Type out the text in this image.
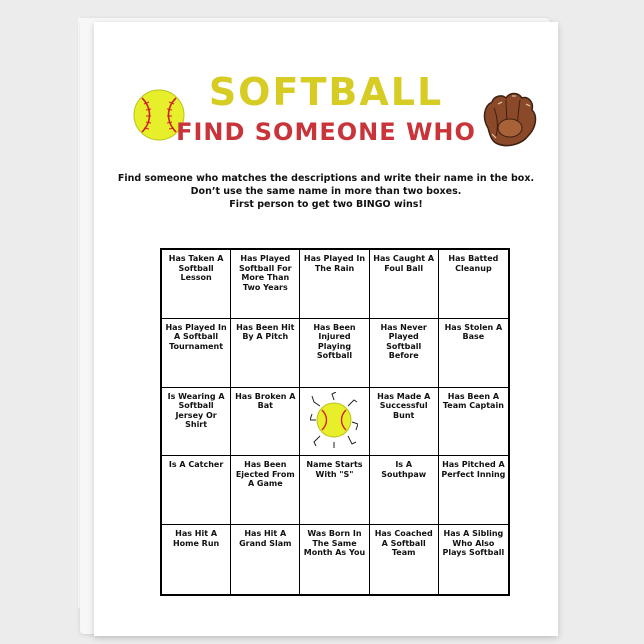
SOFTBALL
FIND SOMEONE WHO
Find someone who matches the descriptions and write their name in the box.
Don’t use the same name in more than two boxes.
First person to get two BINGO wins!
Has Taken A Softball Lesson
Has Played Softball For More Than Two Years
Has Played In The Rain
Has Caught A Foul Ball
Has Batted Cleanup
Has Played In A Softball Tournament
Has Been Hit By A Pitch
Has Been Injured Playing Softball
Has Never Played Softball Before
Has Stolen A Base
Is Wearing A Softball Jersey Or Shirt
Has Broken A Bat
Has Made A Successful Bunt
Has Been A Team Captain
Is A Catcher	Has Been Ejected From A Game
Name Starts With "S"
Is A Southpaw
Has Pitched A Perfect Inning
Has Hit A Home Run
Has Hit A Grand Slam
Was Born In The Same Month As You
Has Coached A Softball Team
Has A Sibling Who Also Plays Softball
